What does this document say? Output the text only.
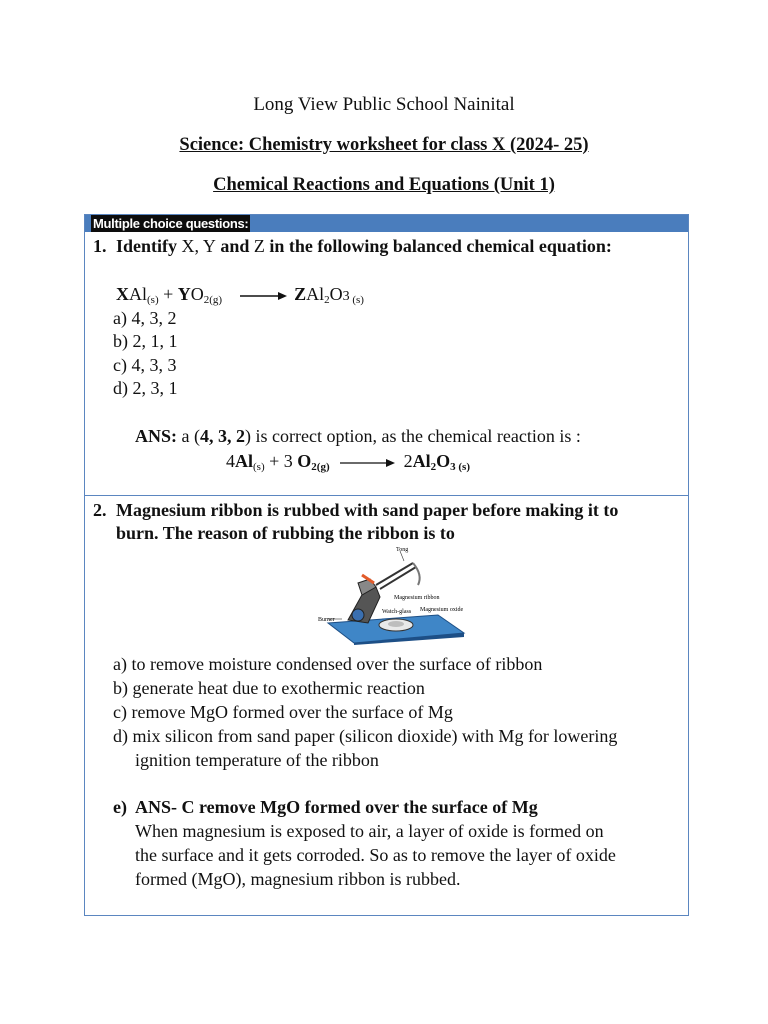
Long View Public School Nainital
Science: Chemistry worksheet for class X (2024- 25)
Chemical Reactions and Equations (Unit 1)
Multiple choice questions:
1. Identify X, Y and Z in the following balanced chemical equation:
$XAl_{(s)} + YO_{2(g)} \to ZAl_2O3$ $_{(s)}$
a) 4, 3, 2
b) 2, 1, 1
c) 4, 3, 3
d) 2, 3, 1
ANS: a (4, 3, 2) is correct option, as the chemical reaction is :
$4Al_{(s)} + 3$ $O_{2(g)} \to 2Al_2O_3$ $_{(s)}$
2. Magnesium ribbon is rubbed with sand paper before making it to
burn. The reason of rubbing the ribbon is to
Tong
Magnesium ribbon
Watch-glass Magnesium oxide
Burner
a) to remove moisture condensed over the surface of ribbon
b) generate heat due to exothermic reaction
c) remove MgO formed over the surface of Mg
d) mix silicon from sand paper (silicon dioxide) with Mg for lowering
ignition temperature of the ribbon
e) ANS- C remove MgO formed over the surface of Mg
When magnesium is exposed to air, a layer of oxide is formed on
the surface and it gets corroded. So as to remove the layer of oxide
formed (MgO), magnesium ribbon is rubbed.
